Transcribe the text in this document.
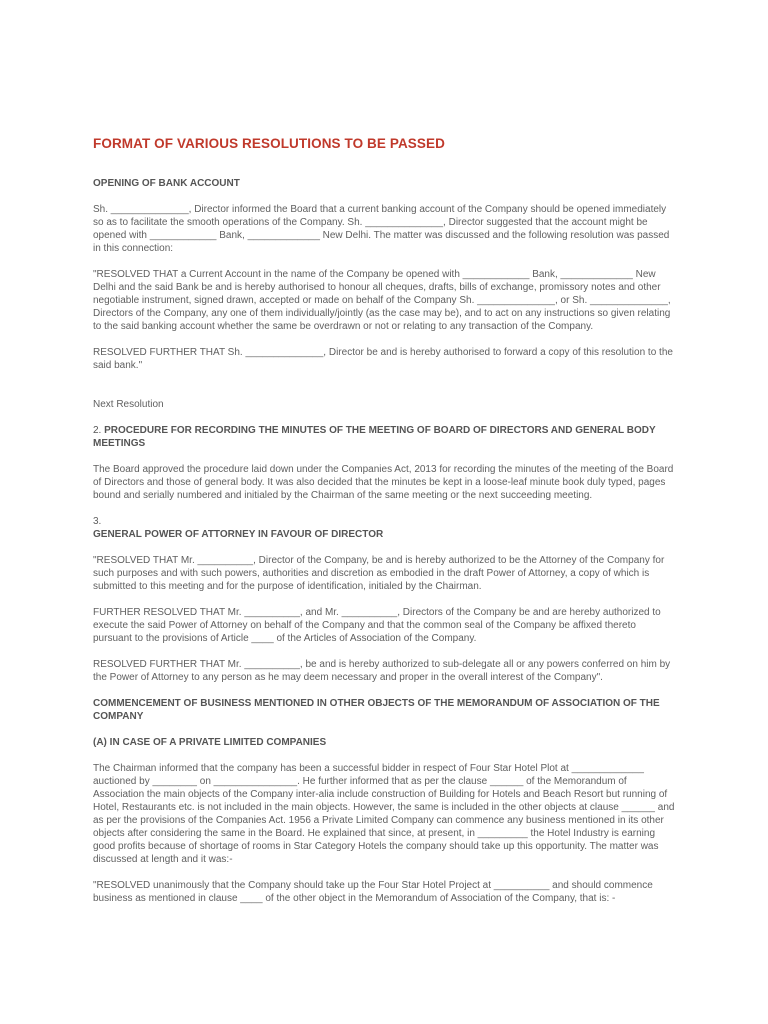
FORMAT OF VARIOUS RESOLUTIONS TO BE PASSED
OPENING OF BANK ACCOUNT

Sh. ______________, Director informed the Board that a current banking account of the Company should be opened immediately so as to facilitate the smooth operations of the Company. Sh. ______________, Director suggested that the account might be opened with ____________ Bank, _____________ New Delhi. The matter was discussed and the following resolution was passed in this connection:

"RESOLVED THAT a Current Account in the name of the Company be opened with ____________ Bank, _____________ New Delhi and the said Bank be and is hereby authorised to honour all cheques, drafts, bills of exchange, promissory notes and other negotiable instrument, signed drawn, accepted or made on behalf of the Company Sh. ______________, or Sh. ______________, Directors of the Company, any one of them individually/jointly (as the case may be), and to act on any instructions so given relating to the said banking account whether the same be overdrawn or not or relating to any transaction of the Company.

RESOLVED FURTHER THAT Sh. ______________, Director be and is hereby authorised to forward a copy of this resolution to the said bank."

Next Resolution

2. PROCEDURE FOR RECORDING THE MINUTES OF THE MEETING OF BOARD OF DIRECTORS AND GENERAL BODY MEETINGS

The Board approved the procedure laid down under the Companies Act, 2013 for recording the minutes of the meeting of the Board of Directors and those of general body. It was also decided that the minutes be kept in a loose-leaf minute book duly typed, pages bound and serially numbered and initialed by the Chairman of the same meeting or the next succeeding meeting.

3.

GENERAL POWER OF ATTORNEY IN FAVOUR OF DIRECTOR

"RESOLVED THAT Mr. __________, Director of the Company, be and is hereby authorized to be the Attorney of the Company for such purposes and with such powers, authorities and discretion as embodied in the draft Power of Attorney, a copy of which is submitted to this meeting and for the purpose of identification, initialed by the Chairman.

FURTHER RESOLVED THAT Mr. __________, and Mr. __________, Directors of the Company be and are hereby authorized to execute the said Power of Attorney on behalf of the Company and that the common seal of the Company be affixed thereto pursuant to the provisions of Article ____ of the Articles of Association of the Company.

RESOLVED FURTHER THAT Mr. __________, be and is hereby authorized to sub-delegate all or any powers conferred on him by the Power of Attorney to any person as he may deem necessary and proper in the overall interest of the Company".

COMMENCEMENT OF BUSINESS MENTIONED IN OTHER OBJECTS OF THE MEMORANDUM OF ASSOCIATION OF THE COMPANY
(A) IN CASE OF A PRIVATE LIMITED COMPANIES

The Chairman informed that the company has been a successful bidder in respect of Four Star Hotel Plot at _____________ auctioned by ________ on _______________. He further informed that as per the clause ______ of the Memorandum of Association the main objects of the Company inter-alia include construction of Building for Hotels and Beach Resort but running of Hotel, Restaurants etc. is not included in the main objects. However, the same is included in the other objects at clause ______ and as per the provisions of the Companies Act. 1956 a Private Limited Company can commence any business mentioned in its other objects after considering the same in the Board. He explained that since, at present, in _________ the Hotel Industry is earning good profits because of shortage of rooms in Star Category Hotels the company should take up this opportunity. The matter was discussed at length and it was:-

"RESOLVED unanimously that the Company should take up the Four Star Hotel Project at __________ and should commence business as mentioned in clause ____ of the other object in the Memorandum of Association of the Company, that is: -
